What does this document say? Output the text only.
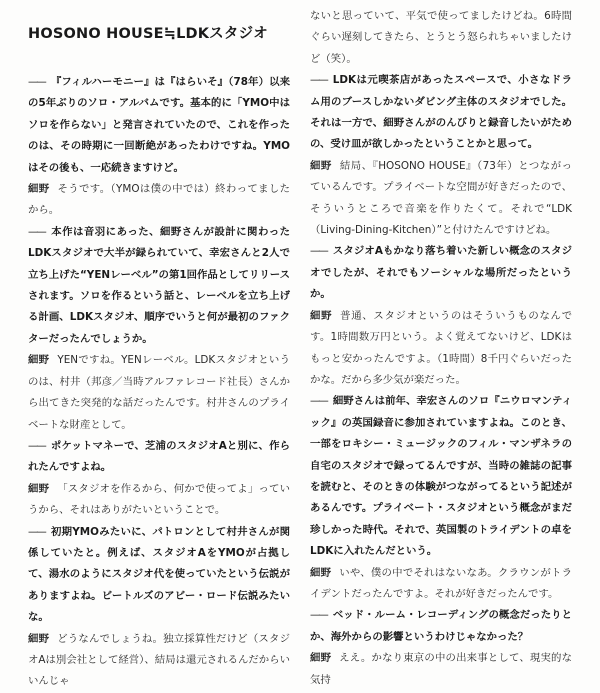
HOSONO HOUSE≒LDKスタジオ

—— 『フィルハーモニー』は『はらいそ』（78年）以来の5年ぶりのソロ・アルバムです。基本的に「YMO中はソロを作らない」と発言されていたので、これを作ったのは、その時期に一回断絶があったわけですね。YMOはその後も、一応続きますけど。

細野 そうです。（YMOは僕の中では）終わってましたから。

—— 本作は音羽にあった、細野さんが設計に関わったLDKスタジオで大半が録られていて、幸宏さんと2人で立ち上げた“YENレーベル”の第1回作品としてリリースされます。ソロを作るという話と、レーベルを立ち上げる計画、LDKスタジオ、順序でいうと何が最初のファクターだったんでしょうか。

細野 YENですね。YENレーベル。LDKスタジオというのは、村井（邦彦／当時アルファレコード社長）さんから出てきた突発的な話だったんです。村井さんのプライベートな財産として。

—— ポケットマネーで、芝浦のスタジオAと別に、作られたんですよね。

細野 「スタジオを作るから、何かで使ってよ」っていうから、それはありがたいということで。

—— 初期YMOみたいに、パトロンとして村井さんが関係していたと。例えば、スタジオAをYMOが占拠して、湯水のようにスタジオ代を使っていたという伝説がありますよね。ビートルズのアビー・ロード伝説みたいな。

細野 どうなんでしょうね。独立採算性だけど（スタジオAは別会社として経営）、結局は還元されるんだからいいんじゃ

ないと思っていて、平気で使ってましたけどね。6時間ぐらい遅刻してきたら、とうとう怒られちゃいましたけど（笑）。

—— LDKは元喫茶店があったスペースで、小さなドラム用のブースしかないダビング主体のスタジオでした。それは一方で、細野さんがのんびりと録音したいがための、受け皿が欲しかったということかと思って。

細野 結局、『HOSONO HOUSE』（73年）とつながっているんです。プライベートな空間が好きだったので、そういうところで音楽を作りたくて。それで“LDK（Living-Dining-Kitchen）”と付けたんですけどね。

—— スタジオAもかなり落ち着いた新しい概念のスタジオでしたが、それでもソーシャルな場所だったというか。

細野 普通、スタジオというのはそういうものなんです。1時間数万円という。よく覚えてないけど、LDKはもっと安かったんですよ。（1時間）8千円ぐらいだったかな。だから多少気が楽だった。

—— 細野さんは前年、幸宏さんのソロ『ニウロマンティック』の英国録音に参加されていますよね。このとき、一部をロキシー・ミュージックのフィル・マンザネラの自宅のスタジオで録ってるんですが、当時の雑誌の記事を読むと、そのときの体験がつながってるという記述があるんです。プライベート・スタジオという概念がまだ珍しかった時代。それで、英国製のトライデントの卓をLDKに入れたんだという。

細野 いや、僕の中でそれはないなあ。クラウンがトライデントだったんですよ。それが好きだったんです。

—— ベッド・ルーム・レコーディングの概念だったりとか、海外からの影響というわけじゃなかった？

細野 ええ。かなり東京の中の出来事として、現実的な気持
